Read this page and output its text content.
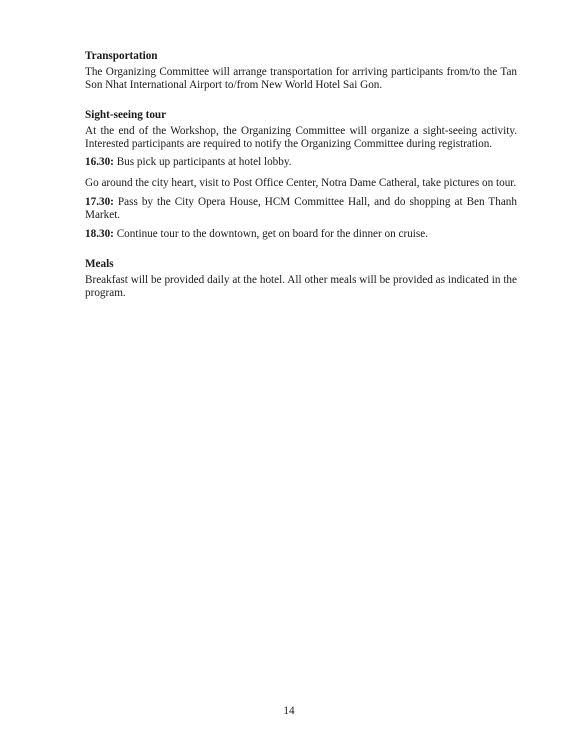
Transportation

The Organizing Committee will arrange transportation for arriving participants from/to the Tan Son Nhat International Airport to/from New World Hotel Sai Gon.

Sight-seeing tour

At the end of the Workshop, the Organizing Committee will organize a sight-seeing activity. Interested participants are required to notify the Organizing Committee during registration.

16.30: Bus pick up participants at hotel lobby.

Go around the city heart, visit to Post Office Center, Notra Dame Catheral, take pictures on tour.

17.30: Pass by the City Opera House, HCM Committee Hall, and do shopping at Ben Thanh Market.

18.30: Continue tour to the downtown, get on board for the dinner on cruise.

Meals

Breakfast will be provided daily at the hotel. All other meals will be provided as indicated in the program.

14
